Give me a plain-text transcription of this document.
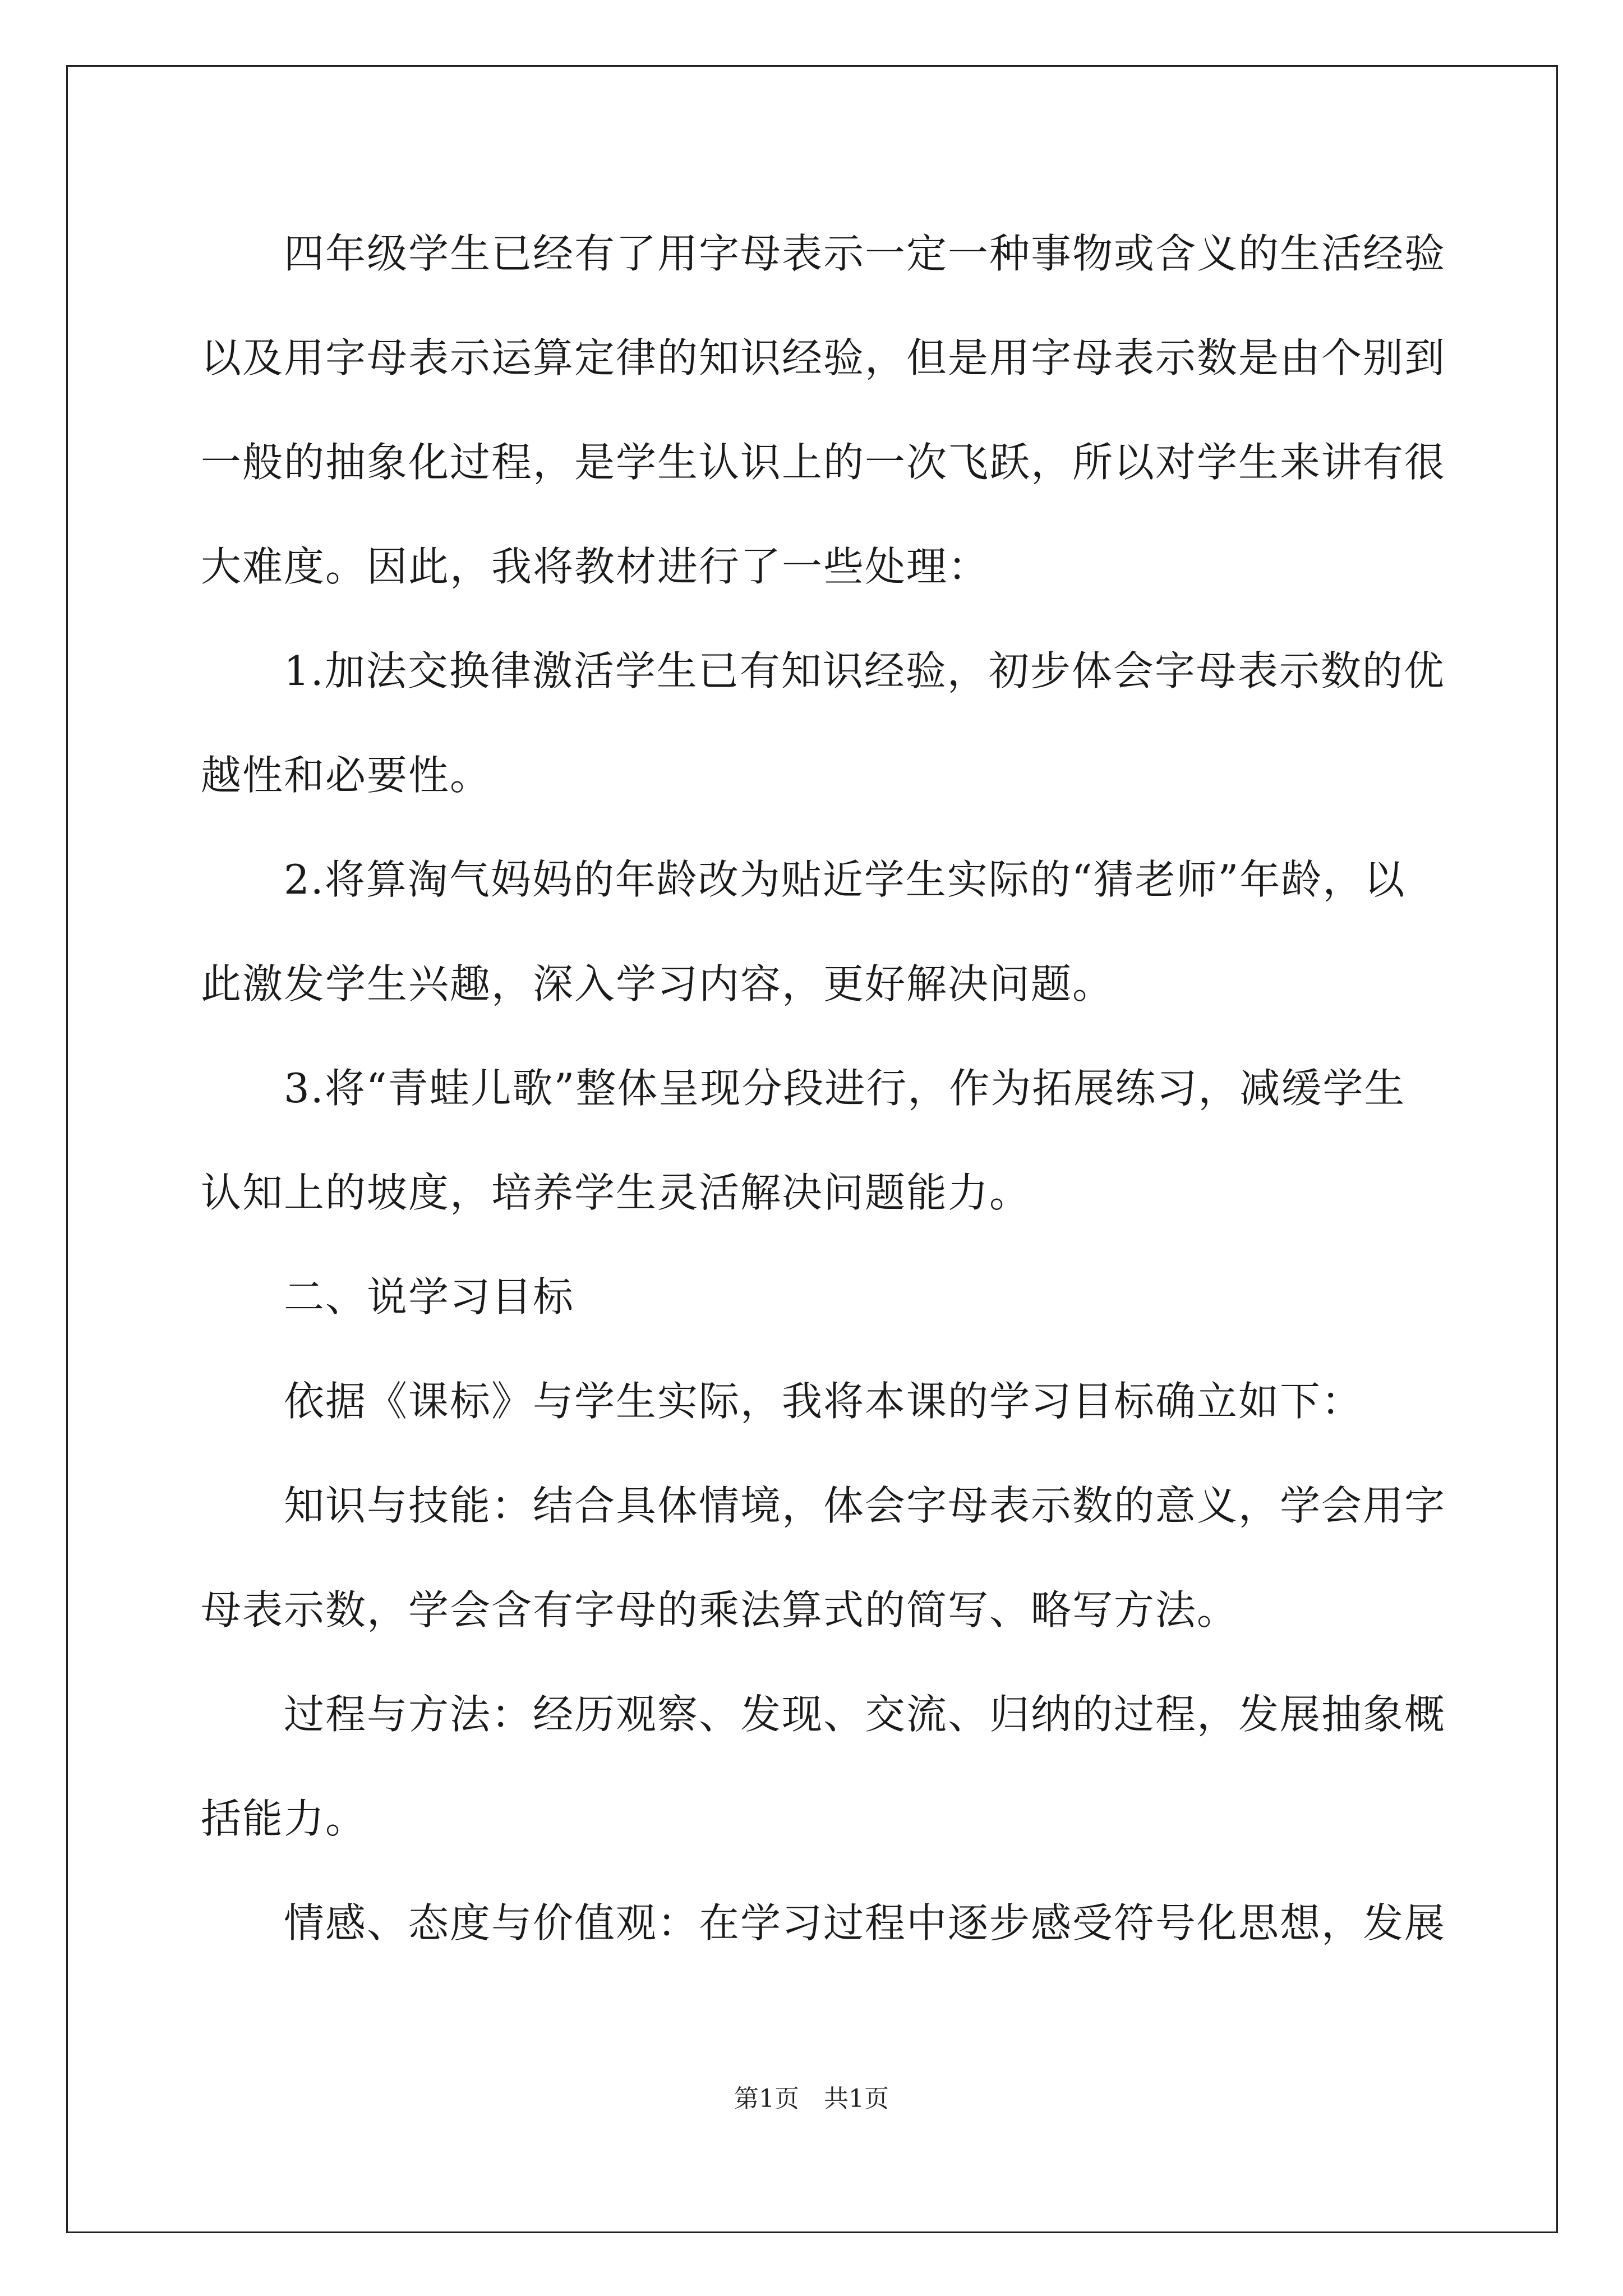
　　四年级学生已经有了用字母表示一定一种事物或含义的生活经验
以及用字母表示运算定律的知识经验，但是用字母表示数是由个别到
一般的抽象化过程，是学生认识上的一次飞跃，所以对学生来讲有很
大难度。因此，我将教材进行了一些处理：
　　1.加法交换律激活学生已有知识经验，初步体会字母表示数的优
越性和必要性。
　　2.将算淘气妈妈的年龄改为贴近学生实际的“猜老师”年龄，以
此激发学生兴趣，深入学习内容，更好解决问题。
　　3.将“青蛙儿歌”整体呈现分段进行，作为拓展练习，减缓学生
认知上的坡度，培养学生灵活解决问题能力。
　　二、说学习目标
　　依据《课标》与学生实际，我将本课的学习目标确立如下：
　　知识与技能：结合具体情境，体会字母表示数的意义，学会用字
母表示数，学会含有字母的乘法算式的简写、略写方法。
　　过程与方法：经历观察、发现、交流、归纳的过程，发展抽象概
括能力。
　　情感、态度与价值观：在学习过程中逐步感受符号化思想，发展
第1页　共1页
